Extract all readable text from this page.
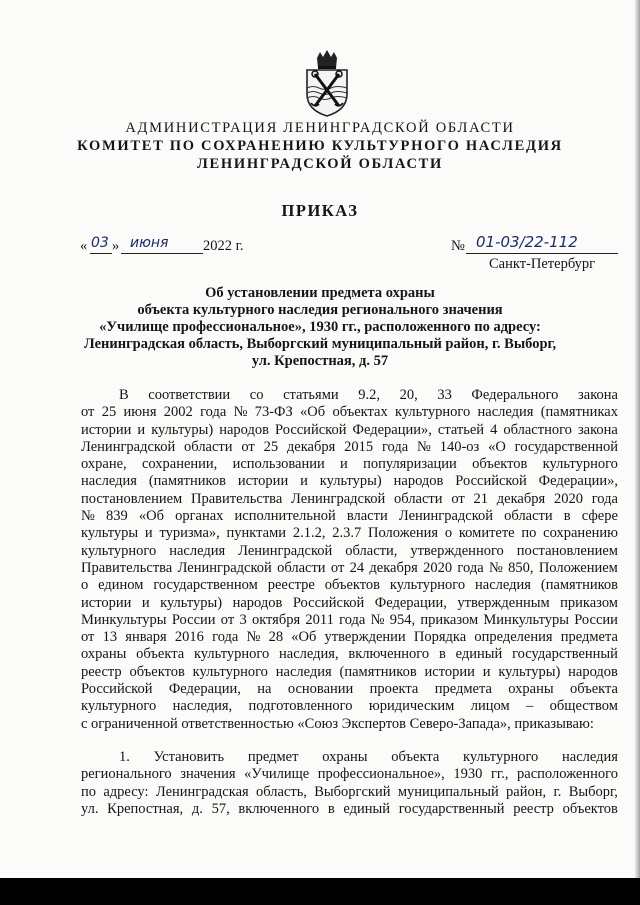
АДМИНИСТРАЦИЯ ЛЕНИНГРАДСКОЙ ОБЛАСТИ
КОМИТЕТ ПО СОХРАНЕНИЮ КУЛЬТУРНОГО НАСЛЕДИЯ
ЛЕНИНГРАДСКОЙ ОБЛАСТИ
ПРИКАЗ
« 03 » июня 2022 г.	№ 01-03/22-112
Санкт-Петербург
Об установлении предмета охраны
объекта культурного наследия регионального значения
«Училище профессиональное», 1930 гг., расположенного по адресу:
Ленинградская область, Выборгский муниципальный район, г. Выборг,
ул. Крепостная, д. 57
В соответствии со статьями 9.2, 20, 33 Федерального закона
от 25 июня 2002 года № 73-ФЗ «Об объектах культурного наследия (памятниках
истории и культуры) народов Российской Федерации», статьей 4 областного закона
Ленинградской области от 25 декабря 2015 года № 140-оз «О государственной
охране, сохранении, использовании и популяризации объектов культурного
наследия (памятников истории и культуры) народов Российской Федерации»,
постановлением Правительства Ленинградской области от 21 декабря 2020 года
№ 839 «Об органах исполнительной власти Ленинградской области в сфере
культуры и туризма», пунктами 2.1.2, 2.3.7 Положения о комитете по сохранению
культурного наследия Ленинградской области, утвержденного постановлением
Правительства Ленинградской области от 24 декабря 2020 года № 850, Положением
о едином государственном реестре объектов культурного наследия (памятников
истории и культуры) народов Российской Федерации, утвержденным приказом
Минкультуры России от 3 октября 2011 года № 954, приказом Минкультуры России
от 13 января 2016 года № 28 «Об утверждении Порядка определения предмета
охраны объекта культурного наследия, включенного в единый государственный
реестр объектов культурного наследия (памятников истории и культуры) народов
Российской Федерации, на основании проекта предмета охраны объекта
культурного наследия, подготовленного юридическим лицом – обществом
с ограниченной ответственностью «Союз Экспертов Северо-Запада», приказываю:
1. Установить предмет охраны объекта культурного наследия
регионального значения «Училище профессиональное», 1930 гг., расположенного
по адресу: Ленинградская область, Выборгский муниципальный район, г. Выборг,
ул. Крепостная, д. 57, включенного в единый государственный реестр объектов
